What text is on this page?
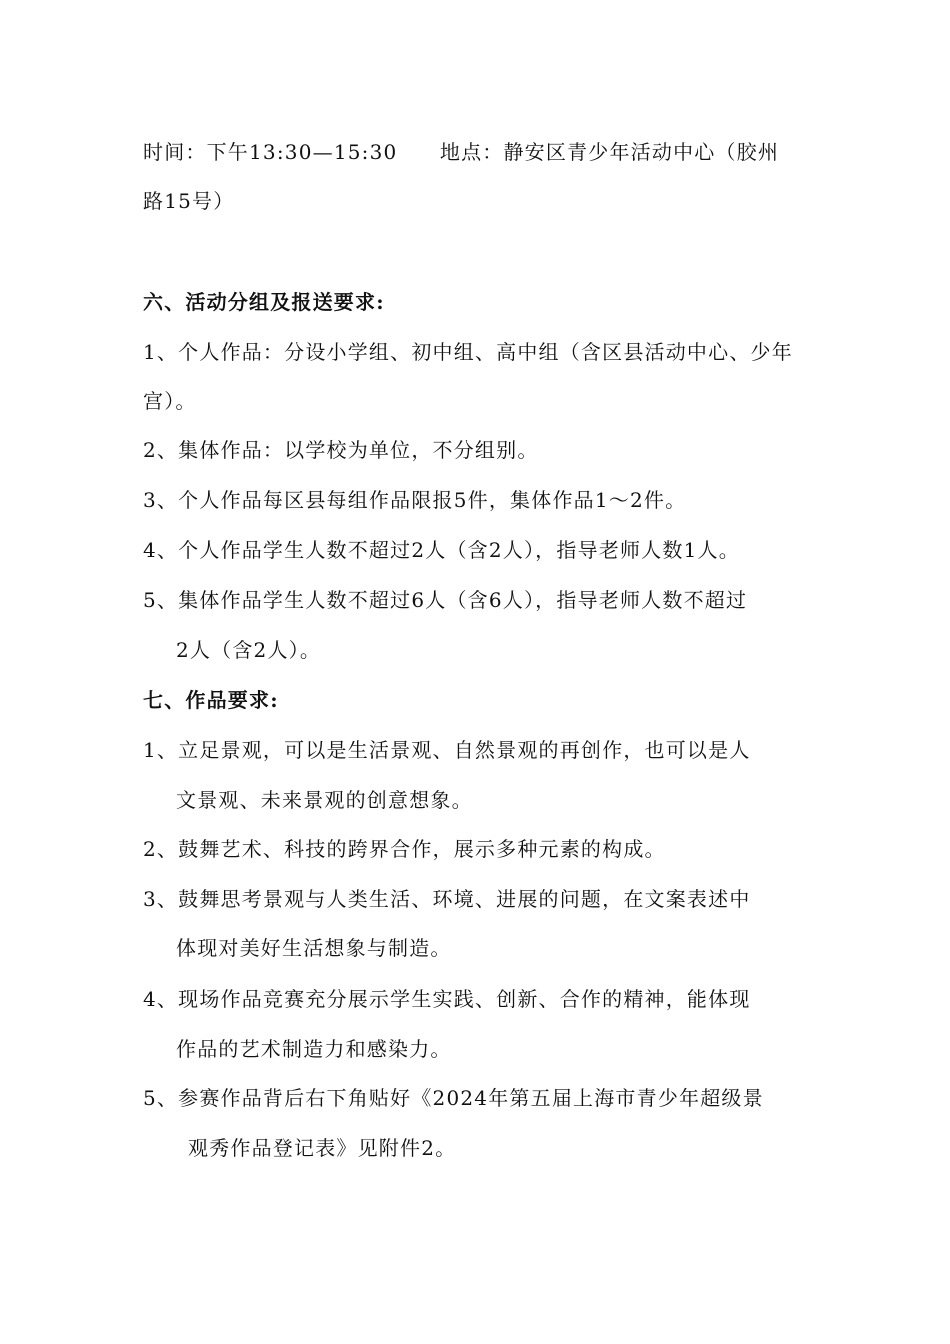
时间：下午13:30—15:30　　地点：静安区青少年活动中心（胶州
路15号）
六、活动分组及报送要求:
1、个人作品：分设小学组、初中组、高中组（含区县活动中心、少年
宫）。
2、集体作品：以学校为单位，不分组别。
3、个人作品每区县每组作品限报5件，集体作品1～2件。
4、个人作品学生人数不超过2人（含2人），指导老师人数1人。
5、集体作品学生人数不超过6人（含6人），指导老师人数不超过
2人（含2人）。
七、作品要求:
1、立足景观，可以是生活景观、自然景观的再创作，也可以是人
文景观、未来景观的创意想象。
2、鼓舞艺术、科技的跨界合作，展示多种元素的构成。
3、鼓舞思考景观与人类生活、环境、进展的问题，在文案表述中
体现对美好生活想象与制造。
4、现场作品竞赛充分展示学生实践、创新、合作的精神，能体现
作品的艺术制造力和感染力。
5、参赛作品背后右下角贴好《2024年第五届上海市青少年超级景
观秀作品登记表》见附件2。
